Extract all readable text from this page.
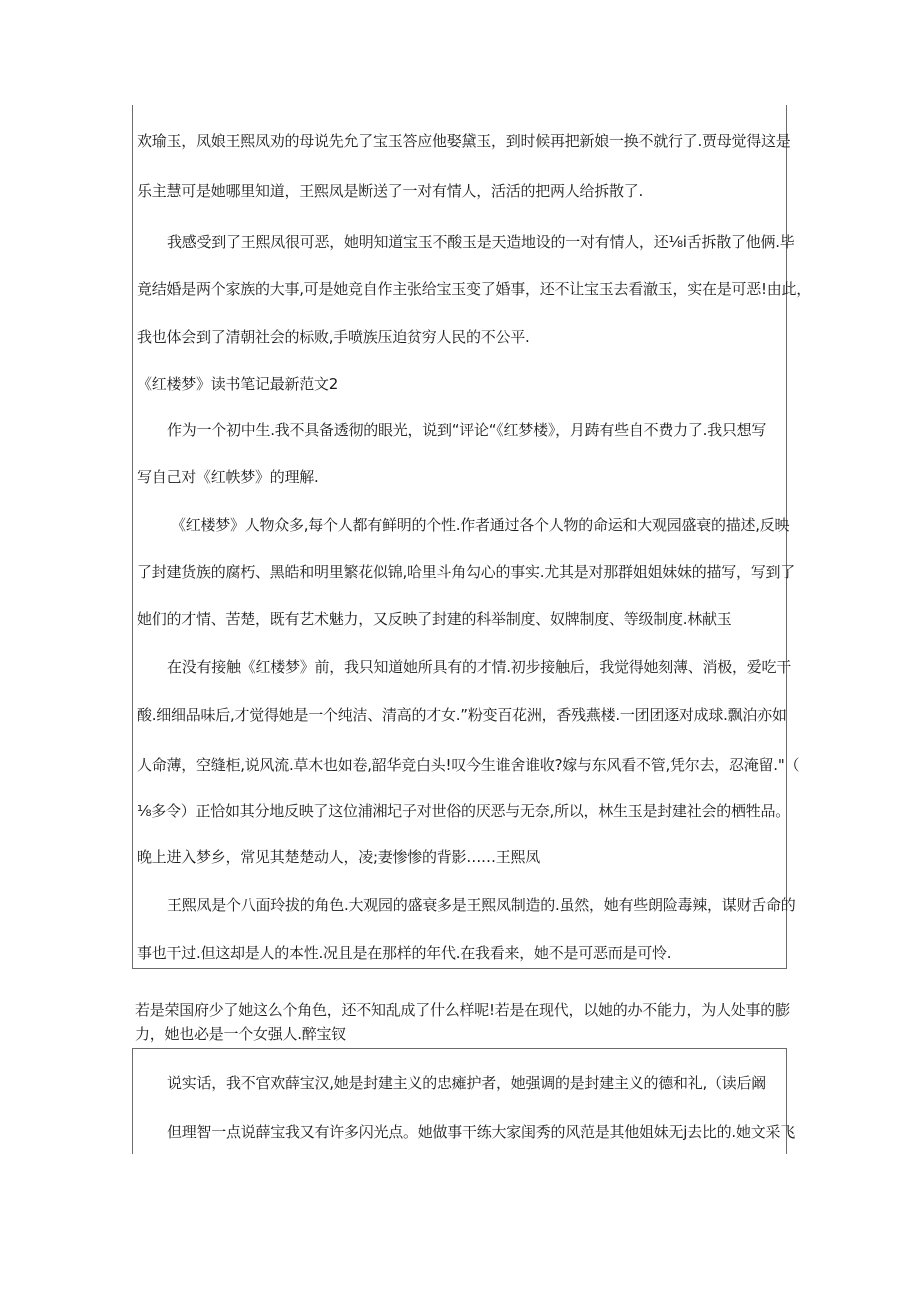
欢瑜玉，凤娘王熙凤劝的母说先允了宝玉答应他娶黛玉，到时候再把新娘一换不就行了.贾母觉得这是
乐主慧可是她哪里知道，王熙凤是断送了一对有情人，活活的把两人给拆散了.
我感受到了王熙凤很可恶，她明知道宝玉不酸玉是天造地设的一对有情人，还⅛i舌拆散了他俩.毕
竟结婚是两个家族的大事,可是她竞自作主张给宝玉变了婚事，还不让宝玉去看澈玉，实在是可恶!由此，
我也体会到了清朝社会的标败,手喷族压迫贫穷人民的不公平.
《红楼梦》读书笔记最新范文2
作为一个初中生.我不具备透彻的眼光，说到“评论“《红梦楼》，月踌有些自不费力了.我只想写
写自己对《红帙梦》的理解.
《红楼梦》人物众多,每个人都有鲜明的个性.作者通过各个人物的命运和大观园盛衰的描述,反映
了封建货族的腐朽、黑皓和明里繁花似锦,哈里斗角勾心的事实.尤其是对那群姐姐妹妹的描写，写到了
她们的才情、苦楚，既有艺术魅力，又反映了封建的科举制度、奴牌制度、等级制度.林献玉
在没有接触《红楼梦》前，我只知道她所具有的才情.初步接触后，我觉得她刻薄、消极，爱吃干
酸.细细品味后,才觉得她是一个纯洁、清高的才女.”粉变百花洲，香残燕楼.一团团逐对成球.飘泊亦如
人命薄，空缝柜,说风流.草木也如卷,韶华竞白头!叹今生谁舍谁收?嫁与东风看不管,凭尔去，忍淹留."（
⅛多令）正恰如其分地反映了这位浦湘圮子对世俗的厌恶与无奈,所以，林生玉是封建社会的栖牲品。
晚上进入梦乡，常见其楚楚动人，凌;妻惨惨的背影……王熙凤
王熙凤是个八面玲拔的角色.大观园的盛衰多是王熙凤制造的.虽然，她有些朗险毒辣，谋财舌命的
事也干过.但这却是人的本性.况且是在那样的年代.在我看来，她不是可恶而是可怜.
若是荣国府少了她这么个角色，还不知乱成了什么样呢!若是在现代，以她的办不能力，为人处事的膨
力，她也必是一个女强人.醉宝钗
说实话，我不官欢薛宝汉,她是封建主义的忠瘫护者，她强调的是封建主义的德和礼,（读后阚
但理智一点说薛宝我又有许多闪光点。她做事干练大家闺秀的风范是其他姐妹无j去比的.她文采飞
